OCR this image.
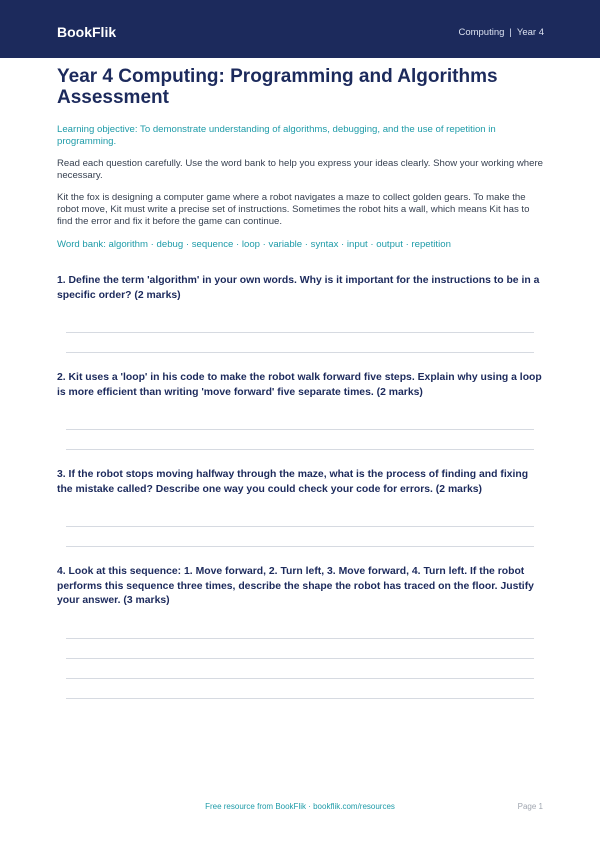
BookFlik	Computing | Year 4
Year 4 Computing: Programming and Algorithms Assessment

Learning objective: To demonstrate understanding of algorithms, debugging, and the use of repetition in programming.

Read each question carefully. Use the word bank to help you express your ideas clearly. Show your working where necessary.

Kit the fox is designing a computer game where a robot navigates a maze to collect golden gears. To make the robot move, Kit must write a precise set of instructions. Sometimes the robot hits a wall, which means Kit has to find the error and fix it before the game can continue.

Word bank: algorithm · debug · sequence · loop · variable · syntax · input · output · repetition

1. Define the term 'algorithm' in your own words. Why is it important for the instructions to be in a specific order? (2 marks)

2. Kit uses a 'loop' in his code to make the robot walk forward five steps. Explain why using a loop is more efficient than writing 'move forward' five separate times. (2 marks)

3. If the robot stops moving halfway through the maze, what is the process of finding and fixing the mistake called? Describe one way you could check your code for errors. (2 marks)

4. Look at this sequence: 1. Move forward, 2. Turn left, 3. Move forward, 4. Turn left. If the robot performs this sequence three times, describe the shape the robot has traced on the floor. Justify your answer. (3 marks)

Free resource from BookFlik · bookflik.com/resources	Page 1
